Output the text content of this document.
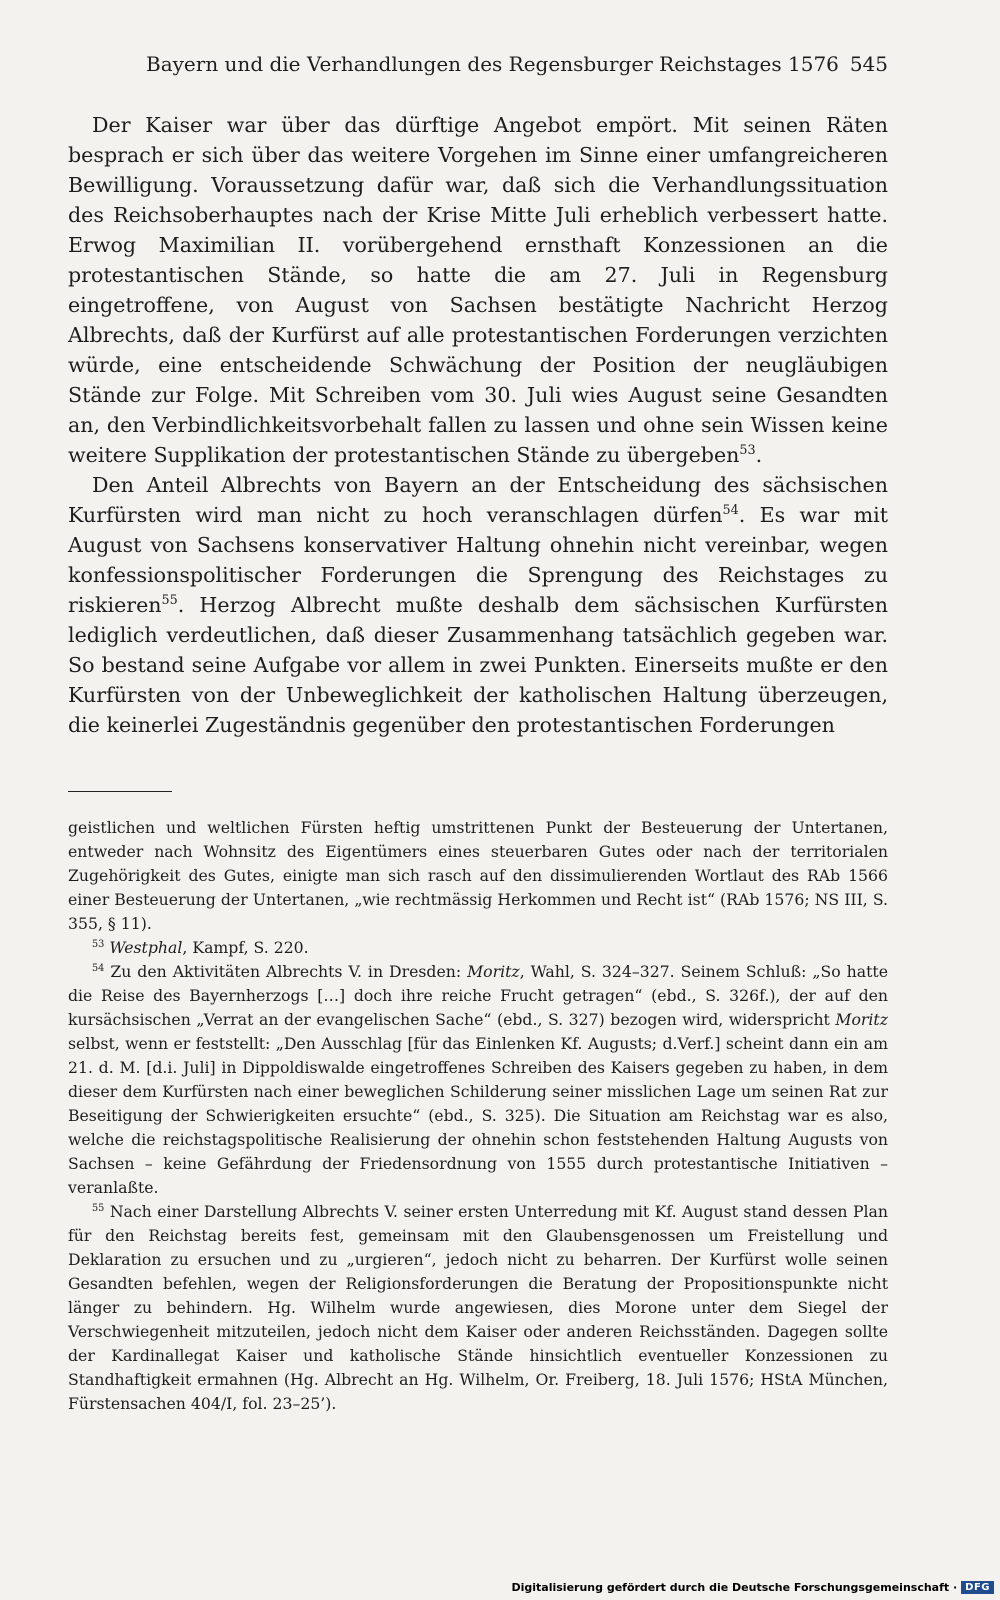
Bayern und die Verhandlungen des Regensburger Reichstages 1576 545

Der Kaiser war über das dürftige Angebot empört. Mit seinen Räten besprach er sich über das weitere Vorgehen im Sinne einer umfangreicheren Bewilligung. Voraussetzung dafür war, daß sich die Verhandlungssituation des Reichsoberhauptes nach der Krise Mitte Juli erheblich verbessert hatte. Erwog Maximilian II. vorübergehend ernsthaft Konzessionen an die protestantischen Stände, so hatte die am 27. Juli in Regensburg eingetroffene, von August von Sachsen bestätigte Nachricht Herzog Albrechts, daß der Kurfürst auf alle protestantischen Forderungen verzichten würde, eine entscheidende Schwächung der Position der neugläubigen Stände zur Folge. Mit Schreiben vom 30. Juli wies August seine Gesandten an, den Verbindlichkeitsvorbehalt fallen zu lassen und ohne sein Wissen keine weitere Supplikation der protestantischen Stände zu übergeben$^{53}$.

Den Anteil Albrechts von Bayern an der Entscheidung des sächsischen Kurfürsten wird man nicht zu hoch veranschlagen dürfen$^{54}$. Es war mit August von Sachsens konservativer Haltung ohnehin nicht vereinbar, wegen konfessionspolitischer Forderungen die Sprengung des Reichstages zu riskieren$^{55}$. Herzog Albrecht mußte deshalb dem sächsischen Kurfürsten lediglich verdeutlichen, daß dieser Zusammenhang tatsächlich gegeben war. So bestand seine Aufgabe vor allem in zwei Punkten. Einerseits mußte er den Kurfürsten von der Unbeweglichkeit der katholischen Haltung überzeugen, die keinerlei Zugeständnis gegenüber den protestantischen Forderungen

geistlichen und weltlichen Fürsten heftig umstrittenen Punkt der Besteuerung der Untertanen, entweder nach Wohnsitz des Eigentümers eines steuerbaren Gutes oder nach der territorialen Zugehörigkeit des Gutes, einigte man sich rasch auf den dissimulierenden Wortlaut des RAb 1566 einer Besteuerung der Untertanen, „wie rechtmässig Herkommen und Recht ist“ (RAb 1576; NS III, S. 355, § 11).

$^{53}$ Westphal, Kampf, S. 220.

$^{54}$ Zu den Aktivitäten Albrechts V. in Dresden: Moritz, Wahl, S. 324–327. Seinem Schluß: „So hatte die Reise des Bayernherzogs […] doch ihre reiche Frucht getragen“ (ebd., S. 326f.), der auf den kursächsischen „Verrat an der evangelischen Sache“ (ebd., S. 327) bezogen wird, widerspricht Moritz selbst, wenn er feststellt: „Den Ausschlag [für das Einlenken Kf. Augusts; d.Verf.] scheint dann ein am 21. d. M. [d.i. Juli] in Dippoldiswalde eingetroffenes Schreiben des Kaisers gegeben zu haben, in dem dieser dem Kurfürsten nach einer beweglichen Schilderung seiner misslichen Lage um seinen Rat zur Beseitigung der Schwierigkeiten ersuchte“ (ebd., S. 325). Die Situation am Reichstag war es also, welche die reichstagspolitische Realisierung der ohnehin schon feststehenden Haltung Augusts von Sachsen – keine Gefährdung der Friedensordnung von 1555 durch protestantische Initiativen – veranlaßte.

$^{55}$ Nach einer Darstellung Albrechts V. seiner ersten Unterredung mit Kf. August stand dessen Plan für den Reichstag bereits fest, gemeinsam mit den Glaubensgenossen um Freistellung und Deklaration zu ersuchen und zu „urgieren“, jedoch nicht zu beharren. Der Kurfürst wolle seinen Gesandten befehlen, wegen der Religionsforderungen die Beratung der Propositionspunkte nicht länger zu behindern. Hg. Wilhelm wurde angewiesen, dies Morone unter dem Siegel der Verschwiegenheit mitzuteilen, jedoch nicht dem Kaiser oder anderen Reichsständen. Dagegen sollte der Kardinallegat Kaiser und katholische Stände hinsichtlich eventueller Konzessionen zu Standhaftigkeit ermahnen (Hg. Albrecht an Hg. Wilhelm, Or. Freiberg, 18. Juli 1576; HStA München, Fürstensachen 404/I, fol. 23–25’).

Digitalisierung gefördert durch die Deutsche Forschungsgemeinschaft · DFG
